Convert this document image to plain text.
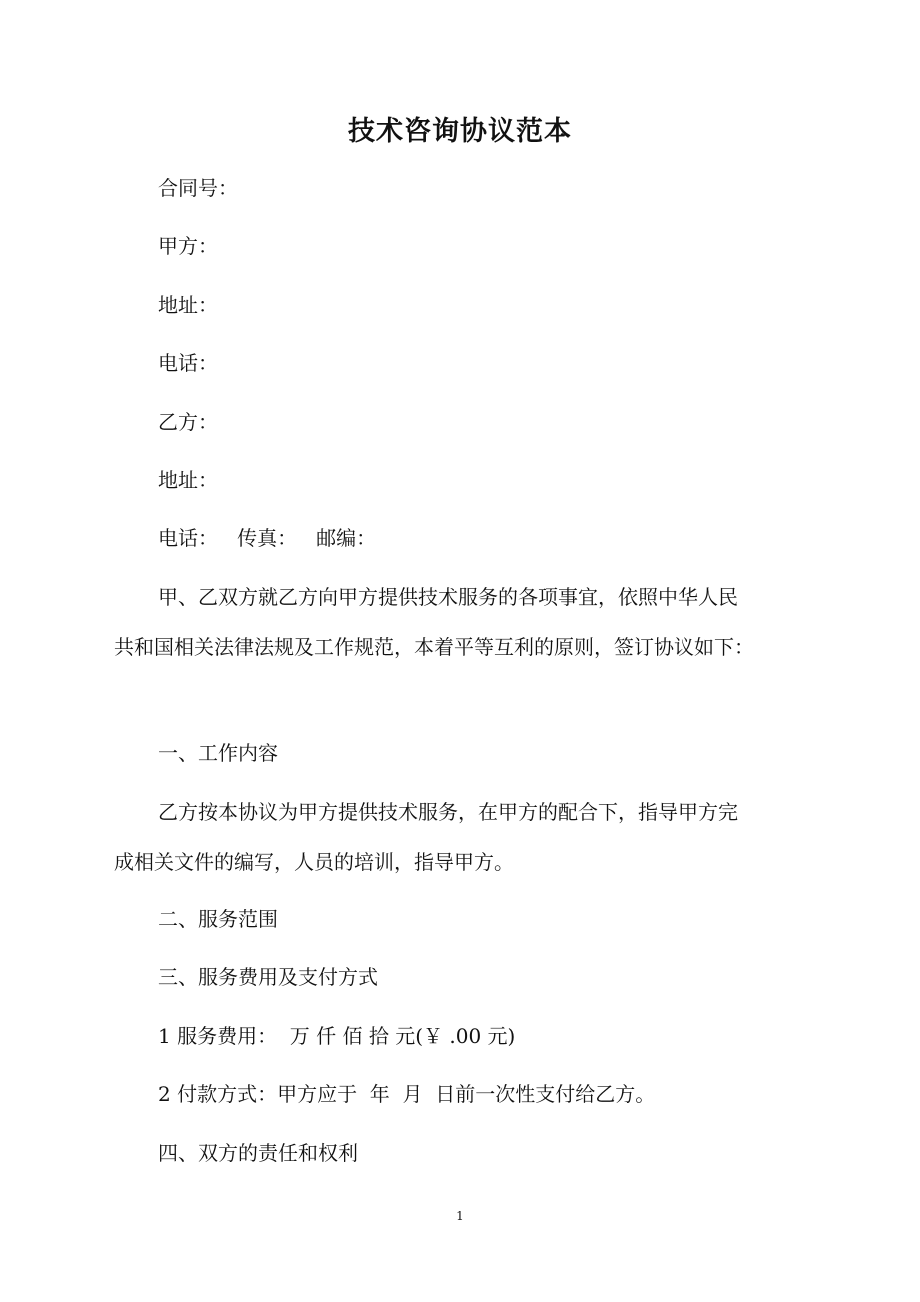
技术咨询协议范本
合同号：
甲方：
地址：
电话：
乙方：
地址：
电话：   传真：   邮编：
甲、乙双方就乙方向甲方提供技术服务的各项事宜，依照中华人民
共和国相关法律法规及工作规范，本着平等互利的原则，签订协议如下：
一、工作内容
乙方按本协议为甲方提供技术服务，在甲方的配合下，指导甲方完
成相关文件的编写，人员的培训，指导甲方。
二、服务范围
三、服务费用及支付方式
1 服务费用：  万 仟 佰 拾 元(￥ .00 元)
2 付款方式：甲方应于  年  月  日前一次性支付给乙方。
四、双方的责任和权利
1
